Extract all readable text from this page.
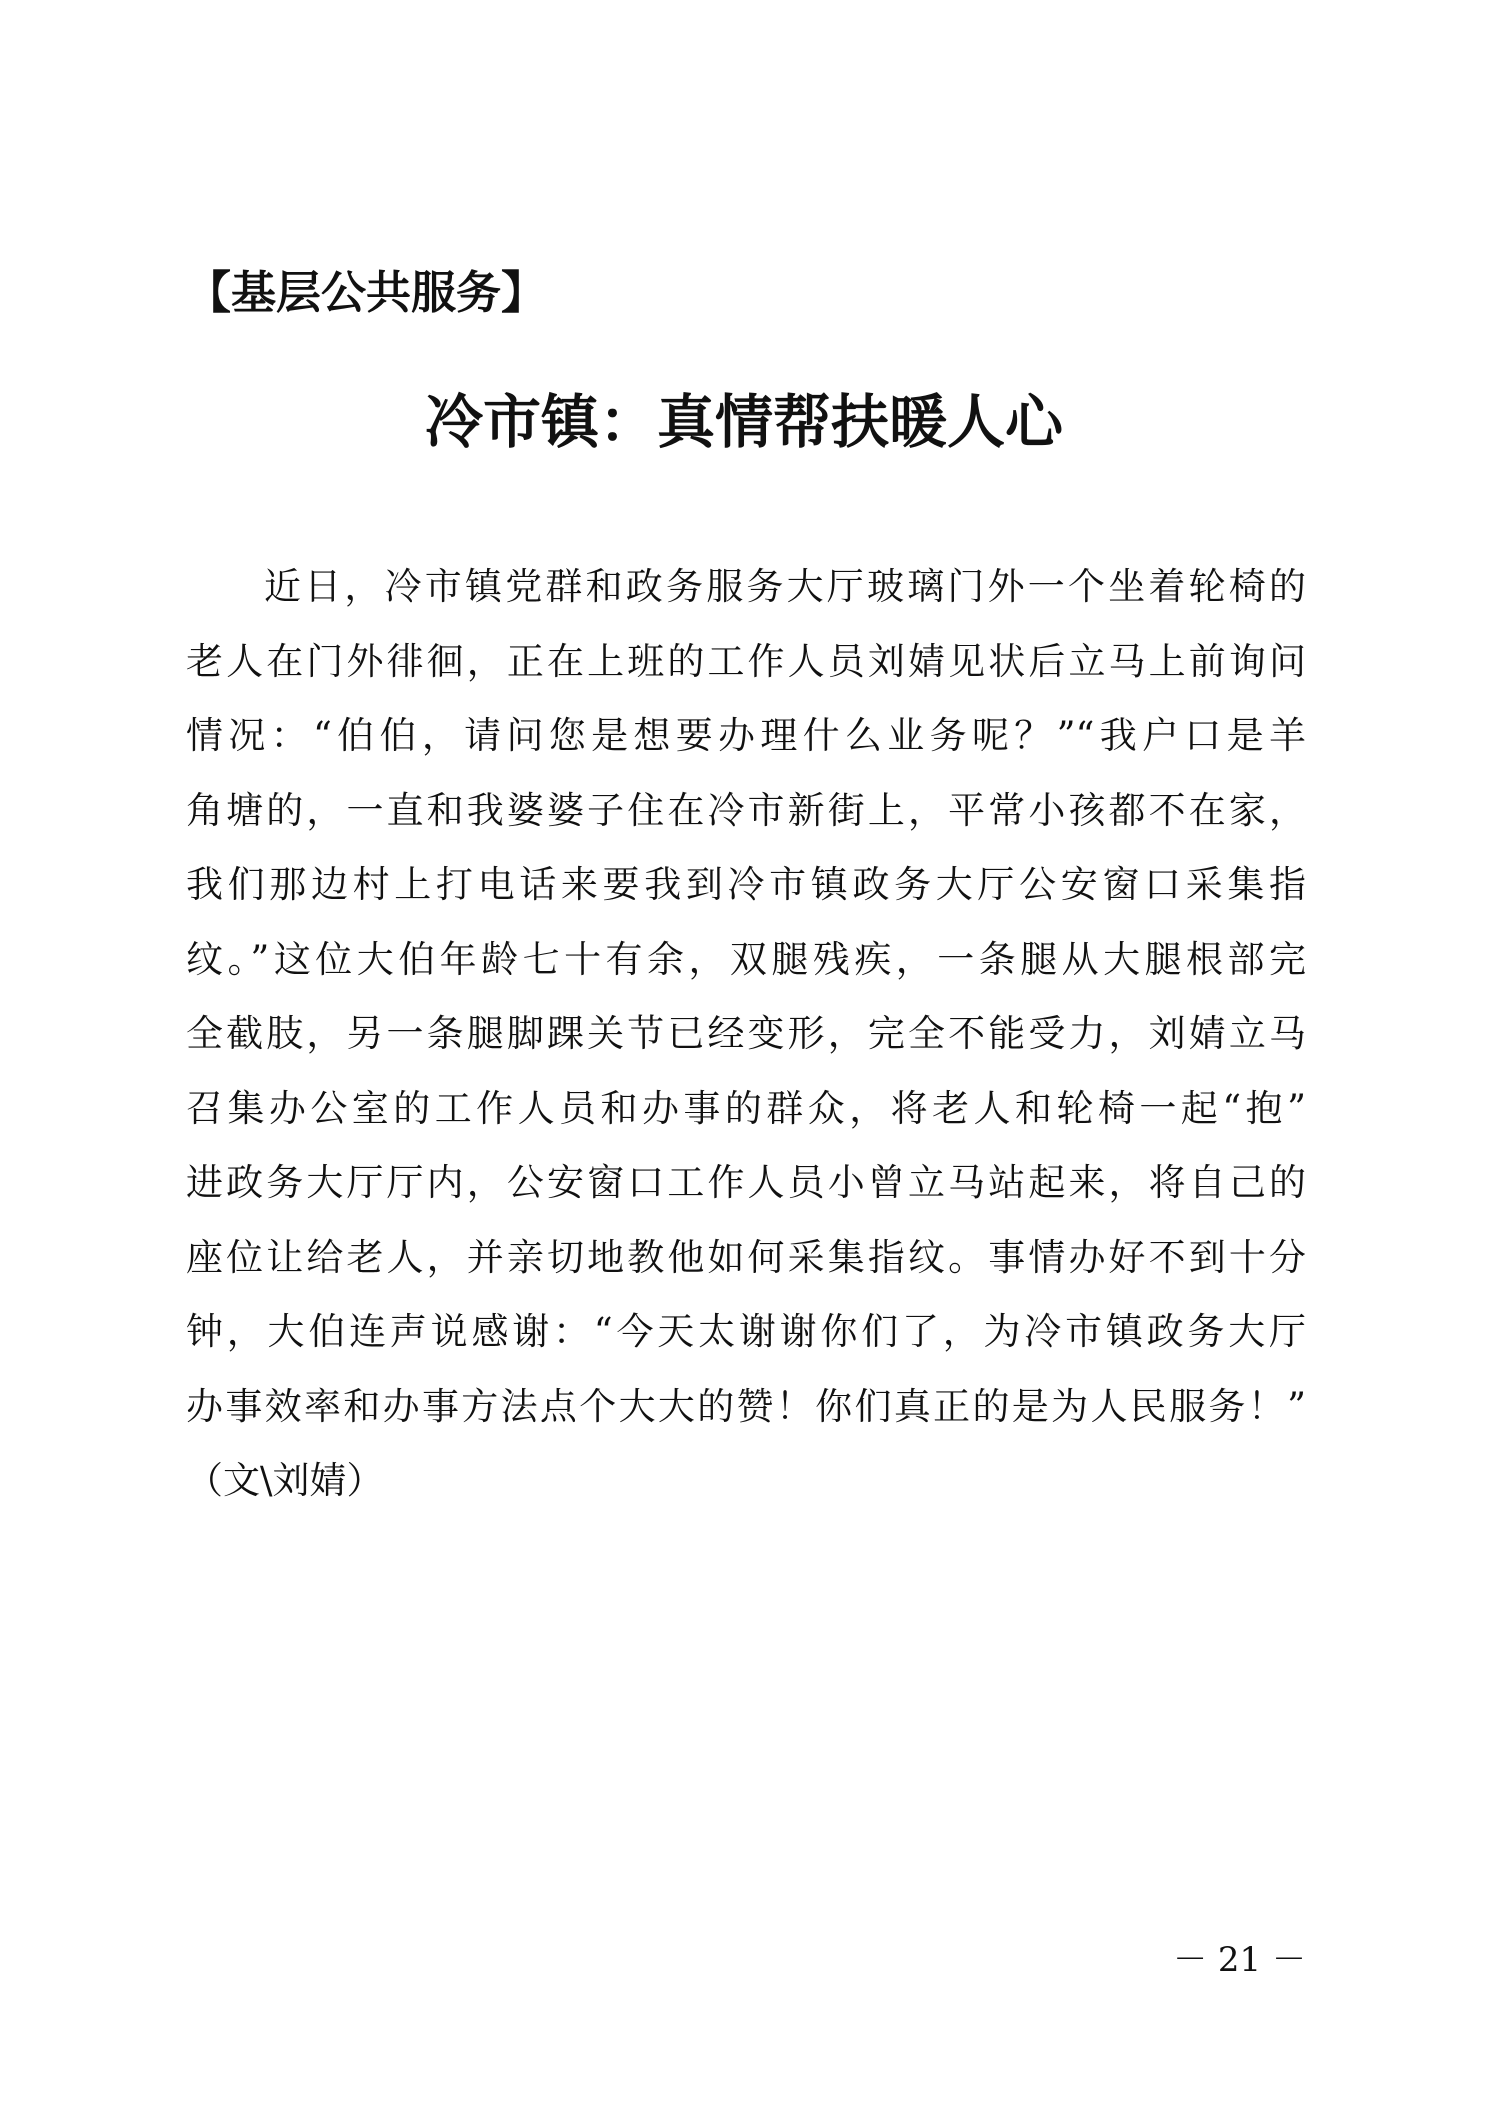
【基层公共服务】
冷市镇：真情帮扶暖人心
近日，冷市镇党群和政务服务大厅玻璃门外一个坐着轮椅的
老人在门外徘徊，正在上班的工作人员刘婧见状后立马上前询问
情况：“伯伯，请问您是想要办理什么业务呢？”“我户口是羊
角塘的，一直和我婆婆子住在冷市新街上，平常小孩都不在家，
我们那边村上打电话来要我到冷市镇政务大厅公安窗口采集指
纹。”这位大伯年龄七十有余，双腿残疾，一条腿从大腿根部完
全截肢，另一条腿脚踝关节已经变形，完全不能受力，刘婧立马
召集办公室的工作人员和办事的群众，将老人和轮椅一起“抱”
进政务大厅厅内，公安窗口工作人员小曾立马站起来，将自己的
座位让给老人，并亲切地教他如何采集指纹。事情办好不到十分
钟，大伯连声说感谢：“今天太谢谢你们了，为冷市镇政务大厅
办事效率和办事方法点个大大的赞！你们真正的是为人民服务！”
（文\刘婧）
－ 21 －
